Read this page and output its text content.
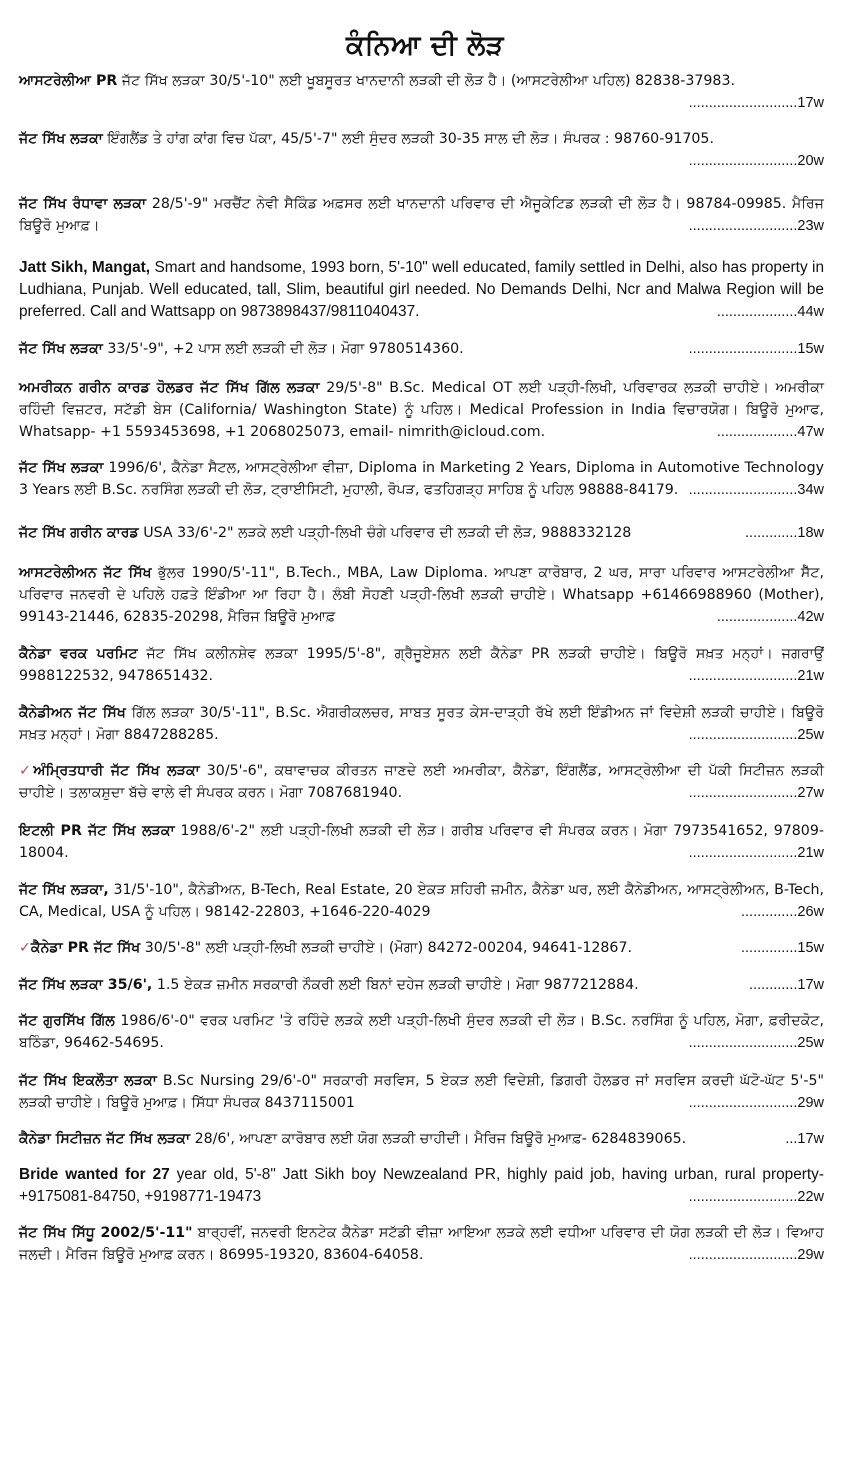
ਕੰਨਿਆ ਦੀ ਲੋੜ

ਆਸਟਰੇਲੀਆ PR ਜੱਟ ਸਿੱਖ ਲੜਕਾ 30/5'-10" ਲਈ ਖੂਬਸੂਰਤ ਖਾਨਦਾਨੀ ਲੜਕੀ ਦੀ ਲੋੜ ਹੈ। (ਆਸਟਰੇਲੀਆ ਪਹਿਲ) 82838-37983.
...........................17w

ਜੱਟ ਸਿੱਖ ਲੜਕਾ ਇੰਗਲੈਂਡ ਤੇ ਹਾਂਗ ਕਾਂਗ ਵਿਚ ਪੱਕਾ, 45/5'-7" ਲਈ ਸੁੰਦਰ ਲੜਕੀ 30-35 ਸਾਲ ਦੀ ਲੋੜ। ਸੰਪਰਕ : 98760-91705.
...........................20w

ਜੱਟ ਸਿੱਖ ਰੰਧਾਵਾ ਲੜਕਾ 28/5'-9" ਮਰਚੈਂਟ ਨੇਵੀ ਸੈਕਿੰਡ ਅਫ਼ਸਰ ਲਈ ਖਾਨਦਾਨੀ ਪਰਿਵਾਰ ਦੀ ਐਜੂਕੇਟਿਡ ਲੜਕੀ ਦੀ ਲੋੜ ਹੈ। 98784-09985. ਮੈਰਿਜ ਬਿਊਰੋ ਮੁਆਫ਼।	...........................23w

Jatt Sikh, Mangat, Smart and handsome, 1993 born, 5'-10" well educated, family settled in Delhi, also has property in Ludhiana, Punjab. Well educated, tall, Slim, beautiful girl needed. No Demands Delhi, Ncr and Malwa Region will be preferred. Call and Wattsapp on 9873898437/9811040437.	....................44w

ਜੱਟ ਸਿੱਖ ਲੜਕਾ 33/5'-9", +2 ਪਾਸ ਲਈ ਲੜਕੀ ਦੀ ਲੋੜ। ਮੋਗਾ 9780514360.	...........................15w

ਅਮਰੀਕਨ ਗਰੀਨ ਕਾਰਡ ਹੋਲਡਰ ਜੱਟ ਸਿੱਖ ਗਿੱਲ ਲੜਕਾ 29/5'-8" B.Sc. Medical OT ਲਈ ਪੜ੍ਹੀ-ਲਿਖੀ, ਪਰਿਵਾਰਕ ਲੜਕੀ ਚਾਹੀਏ। ਅਮਰੀਕਾ ਰਹਿੰਦੀ ਵਿਜ਼ਟਰ, ਸਟੱਡੀ ਬੇਸ (California/ Washington State) ਨੂੰ ਪਹਿਲ। Medical Profession in India ਵਿਚਾਰਯੋਗ। ਬਿਊਰੋ ਮੁਆਫ, Whatsapp- +1 5593453698, +1 2068025073, email- nimrith@icloud.com.	....................47w

ਜੱਟ ਸਿੱਖ ਲੜਕਾ 1996/6', ਕੈਨੇਡਾ ਸੈਟਲ, ਆਸਟ੍ਰੇਲੀਆ ਵੀਜ਼ਾ, Diploma in Marketing 2 Years, Diploma in Automotive Technology 3 Years ਲਈ B.Sc. ਨਰਸਿੰਗ ਲੜਕੀ ਦੀ ਲੋੜ, ਟ੍ਰਾਈਸਿਟੀ, ਮੁਹਾਲੀ, ਰੋਪੜ, ਫਤਹਿਗੜ੍ਹ ਸਾਹਿਬ ਨੂੰ ਪਹਿਲ 98888-84179. ...........................34w

ਜੱਟ ਸਿੱਖ ਗਰੀਨ ਕਾਰਡ USA 33/6'-2" ਲੜਕੇ ਲਈ ਪੜ੍ਹੀ-ਲਿਖੀ ਚੰਗੇ ਪਰਿਵਾਰ ਦੀ ਲੜਕੀ ਦੀ ਲੋੜ, 9888332128	.............18w

ਆਸਟਰੇਲੀਅਨ ਜੱਟ ਸਿੱਖ ਭੁੱਲਰ 1990/5'-11", B.Tech., MBA, Law Diploma. ਆਪਣਾ ਕਾਰੋਬਾਰ, 2 ਘਰ, ਸਾਰਾ ਪਰਿਵਾਰ ਆਸਟਰੇਲੀਆ ਸੈੱਟ, ਪਰਿਵਾਰ ਜਨਵਰੀ ਦੇ ਪਹਿਲੇ ਹਫ਼ਤੇ ਇੰਡੀਆ ਆ ਰਿਹਾ ਹੈ। ਲੰਬੀ ਸੋਹਣੀ ਪੜ੍ਹੀ-ਲਿਖੀ ਲੜਕੀ ਚਾਹੀਏ। Whatsapp +61466988960 (Mother), 99143-21446, 62835-20298, ਮੈਰਿਜ ਬਿਊਰੋ ਮੁਆਫ਼	....................42w

ਕੈਨੇਡਾ ਵਰਕ ਪਰਮਿਟ ਜੱਟ ਸਿੱਖ ਕਲੀਨਸ਼ੇਵ ਲੜਕਾ 1995/5'-8", ਗ੍ਰੈਜੂਏਸ਼ਨ ਲਈ ਕੈਨੇਡਾ PR ਲੜਕੀ ਚਾਹੀਏ। ਬਿਊਰੋ ਸਖ਼ਤ ਮਨ੍ਹਾਂ। ਜਗਰਾਉਂ 9988122532, 9478651432.	...........................21w

ਕੈਨੇਡੀਅਨ ਜੱਟ ਸਿੱਖ ਗਿੱਲ ਲੜਕਾ 30/5'-11", B.Sc. ਐਗਰੀਕਲਚਰ, ਸਾਬਤ ਸੂਰਤ ਕੇਸ-ਦਾੜ੍ਹੀ ਰੱਖੇ ਲਈ ਇੰਡੀਅਨ ਜਾਂ ਵਿਦੇਸ਼ੀ ਲੜਕੀ ਚਾਹੀਏ। ਬਿਊਰੋ ਸਖ਼ਤ ਮਨ੍ਹਾਂ। ਮੋਗਾ 8847288285.	...........................25w

✓ਅੰਮ੍ਰਿਤਧਾਰੀ ਜੱਟ ਸਿੱਖ ਲੜਕਾ 30/5'-6", ਕਥਾਵਾਚਕ ਕੀਰਤਨ ਜਾਣਦੇ ਲਈ ਅਮਰੀਕਾ, ਕੈਨੇਡਾ, ਇੰਗਲੈਂਡ, ਆਸਟ੍ਰੇਲੀਆ ਦੀ ਪੱਕੀ ਸਿਟੀਜ਼ਨ ਲੜਕੀ ਚਾਹੀਏ। ਤਲਾਕਸ਼ੁਦਾ ਬੱਚੇ ਵਾਲੇ ਵੀ ਸੰਪਰਕ ਕਰਨ। ਮੋਗਾ 7087681940.	...........................27w

ਇਟਲੀ PR ਜੱਟ ਸਿੱਖ ਲੜਕਾ 1988/6'-2" ਲਈ ਪੜ੍ਹੀ-ਲਿਖੀ ਲੜਕੀ ਦੀ ਲੋੜ। ਗਰੀਬ ਪਰਿਵਾਰ ਵੀ ਸੰਪਰਕ ਕਰਨ। ਮੋਗਾ 7973541652, 97809-18004.	...........................21w

ਜੱਟ ਸਿੱਖ ਲੜਕਾ, 31/5'-10", ਕੈਨੇਡੀਅਨ, B-Tech, Real Estate, 20 ਏਕੜ ਸ਼ਹਿਰੀ ਜ਼ਮੀਨ, ਕੈਨੇਡਾ ਘਰ, ਲਈ ਕੈਨੇਡੀਅਨ, ਆਸਟ੍ਰੇਲੀਅਨ, B-Tech, CA, Medical, USA ਨੂੰ ਪਹਿਲ। 98142-22803, +1646-220-4029	..............26w

✓ਕੈਨੇਡਾ PR ਜੱਟ ਸਿੱਖ 30/5'-8" ਲਈ ਪੜ੍ਹੀ-ਲਿਖੀ ਲੜਕੀ ਚਾਹੀਏ। (ਮੋਗਾ) 84272-00204, 94641-12867.	..............15w

ਜੱਟ ਸਿੱਖ ਲੜਕਾ 35/6', 1.5 ਏਕੜ ਜ਼ਮੀਨ ਸਰਕਾਰੀ ਨੌਕਰੀ ਲਈ ਬਿਨਾਂ ਦਹੇਜ ਲੜਕੀ ਚਾਹੀਏ। ਮੋਗਾ 9877212884.	............17w

ਜੱਟ ਗੁਰਸਿੱਖ ਗਿੱਲ 1986/6'-0" ਵਰਕ ਪਰਮਿਟ 'ਤੇ ਰਹਿੰਦੇ ਲੜਕੇ ਲਈ ਪੜ੍ਹੀ-ਲਿਖੀ ਸੁੰਦਰ ਲੜਕੀ ਦੀ ਲੋੜ। B.Sc. ਨਰਸਿੰਗ ਨੂੰ ਪਹਿਲ, ਮੋਗਾ, ਫ਼ਰੀਦਕੋਟ, ਬਠਿੰਡਾ, 96462-54695.	...........................25w

ਜੱਟ ਸਿੱਖ ਇਕਲੌਤਾ ਲੜਕਾ B.Sc Nursing 29/6'-0" ਸਰਕਾਰੀ ਸਰਵਿਸ, 5 ਏਕੜ ਲਈ ਵਿਦੇਸ਼ੀ, ਡਿਗਰੀ ਹੋਲਡਰ ਜਾਂ ਸਰਵਿਸ ਕਰਦੀ ਘੱਟੋ-ਘੱਟ 5'-5" ਲੜਕੀ ਚਾਹੀਏ। ਬਿਊਰੋ ਮੁਆਫ਼। ਸਿੱਧਾ ਸੰਪਰਕ 8437115001	...........................29w

ਕੈਨੇਡਾ ਸਿਟੀਜ਼ਨ ਜੱਟ ਸਿੱਖ ਲੜਕਾ 28/6', ਆਪਣਾ ਕਾਰੋਬਾਰ ਲਈ ਯੋਗ ਲੜਕੀ ਚਾਹੀਦੀ। ਮੈਰਿਜ ਬਿਊਰੋ ਮੁਆਫ਼- 6284839065.	...17w

Bride wanted for 27 year old, 5'-8" Jatt Sikh boy Newzealand PR, highly paid job, having urban, rural property- +9175081-84750, +9198771-19473	...........................22w

ਜੱਟ ਸਿੱਖ ਸਿੱਧੂ 2002/5'-11" ਬਾਰ੍ਹਵੀਂ, ਜਨਵਰੀ ਇਨਟੇਕ ਕੈਨੇਡਾ ਸਟੱਡੀ ਵੀਜ਼ਾ ਆਇਆ ਲੜਕੇ ਲਈ ਵਧੀਆ ਪਰਿਵਾਰ ਦੀ ਯੋਗ ਲੜਕੀ ਦੀ ਲੋੜ। ਵਿਆਹ ਜਲਦੀ। ਮੈਰਿਜ ਬਿਊਰੋ ਮੁਆਫ਼ ਕਰਨ। 86995-19320, 83604-64058.	...........................29w
